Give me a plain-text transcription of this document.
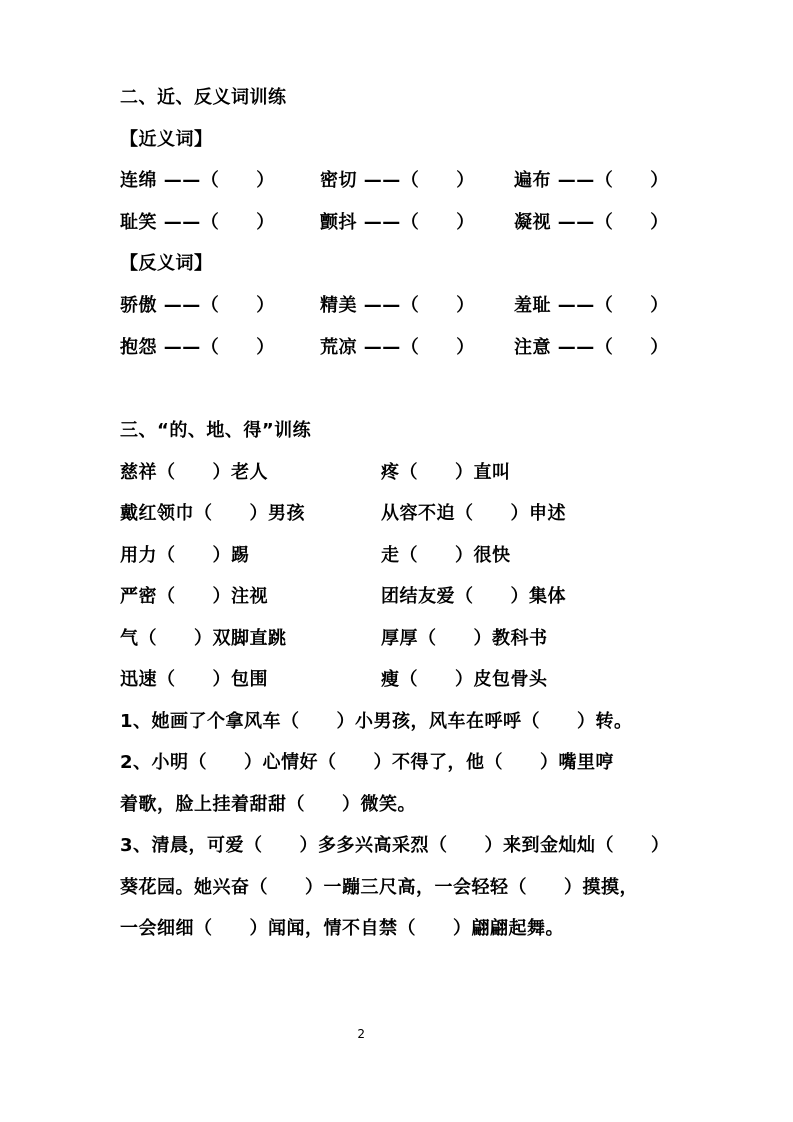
二、近、反义词训练
【近义词】
连绵 ——（　　）	密切 ——（　　） 遍布 ——（　　）
耻笑 ——（　　）	颤抖 ——（　　） 凝视 ——（　　）
【反义词】
骄傲 ——（　　）	精美 ——（　　） 羞耻 ——（　　）
抱怨 ——（　　）	荒凉 ——（　　） 注意 ——（　　）
三、“的、地、得”训练
慈祥（　　）老人	疼（　　）直叫
戴红领巾（　　）男孩	从容不迫（　　）申述
用力（　　）踢	走（　　）很快
严密（　　）注视	团结友爱（　　）集体
气（　　）双脚直跳	厚厚（　　）教科书
迅速（　　）包围	瘦（　　）皮包骨头
1、她画了个拿风车（　　）小男孩，风车在呼呼（　　）转。
2、小明（　　）心情好（　　）不得了，他（　　）嘴里哼
着歌，脸上挂着甜甜（　　）微笑。
3、清晨，可爱（　　）多多兴高采烈（　　）来到金灿灿（　　）
葵花园。她兴奋（　　）一蹦三尺高，一会轻轻（　　）摸摸，
一会细细（　　）闻闻，情不自禁（　　）翩翩起舞。
2
